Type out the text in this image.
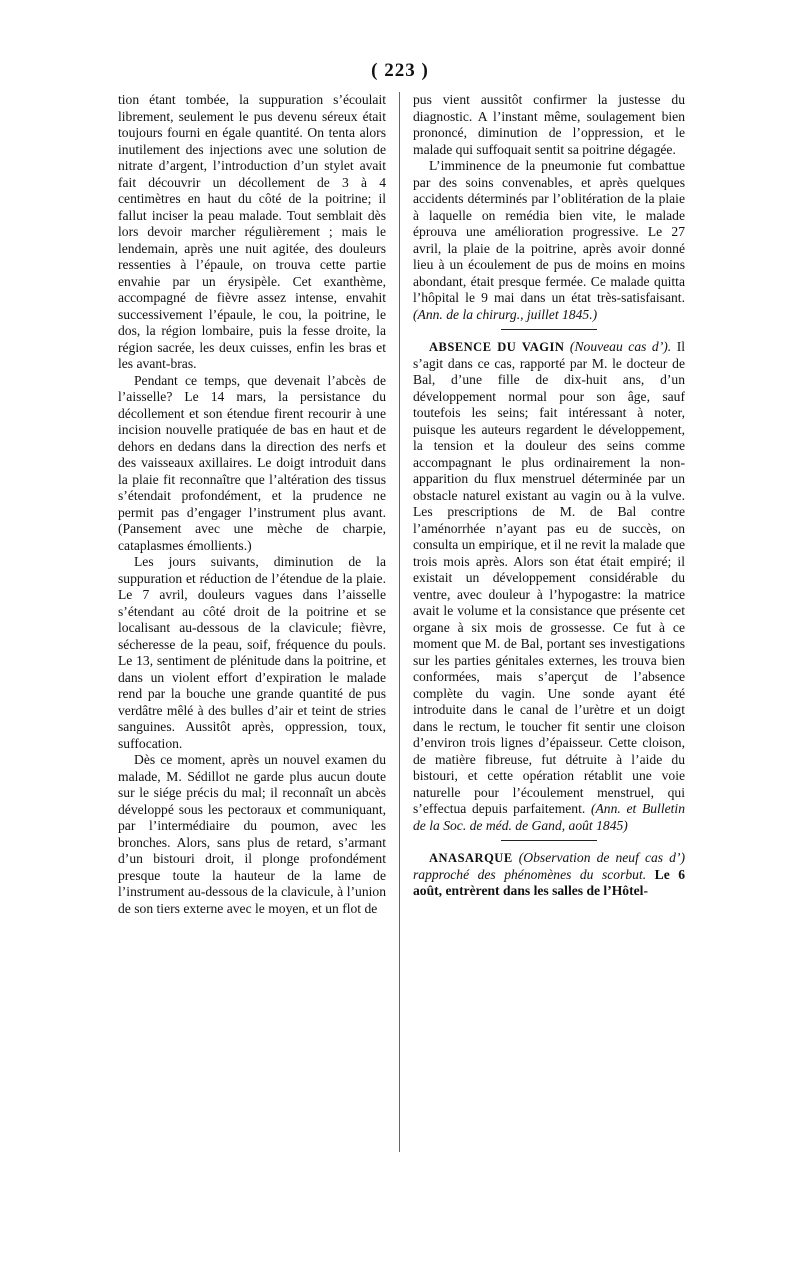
( 223 )

tion étant tombée, la suppuration s’écoulait librement, seulement le pus devenu séreux était toujours fourni en égale quantité. On tenta alors inutilement des injections avec une solution de nitrate d’argent, l’introduction d’un stylet avait fait découvrir un décollement de 3 à 4 centimètres en haut du côté de la poitrine; il fallut inciser la peau malade. Tout semblait dès lors devoir marcher régulièrement ; mais le lendemain, après une nuit agitée, des douleurs ressenties à l’épaule, on trouva cette partie envahie par un érysipèle. Cet exanthème, accompagné de fièvre assez intense, envahit successivement l’épaule, le cou, la poitrine, le dos, la région lombaire, puis la fesse droite, la région sacrée, les deux cuisses, enfin les bras et les avant-bras.

Pendant ce temps, que devenait l’abcès de l’aisselle? Le 14 mars, la persistance du décollement et son étendue firent recourir à une incision nouvelle pratiquée de bas en haut et de dehors en dedans dans la direction des nerfs et des vaisseaux axillaires. Le doigt introduit dans la plaie fit reconnaître que l’altération des tissus s’étendait profondément, et la prudence ne permit pas d’engager l’instrument plus avant. (Pansement avec une mèche de charpie, cataplasmes émollients.)

Les jours suivants, diminution de la suppuration et réduction de l’étendue de la plaie. Le 7 avril, douleurs vagues dans l’aisselle s’étendant au côté droit de la poitrine et se localisant au-dessous de la clavicule; fièvre, sécheresse de la peau, soif, fréquence du pouls. Le 13, sentiment de plénitude dans la poitrine, et dans un violent effort d’expiration le malade rend par la bouche une grande quantité de pus verdâtre mêlé à des bulles d’air et teint de stries sanguines. Aussitôt après, oppression, toux, suffocation.

Dès ce moment, après un nouvel examen du malade, M. Sédillot ne garde plus aucun doute sur le siége précis du mal; il reconnaît un abcès développé sous les pectoraux et communiquant, par l’intermédiaire du poumon, avec les bronches. Alors, sans plus de retard, s’armant d’un bistouri droit, il plonge profondément presque toute la hauteur de la lame de l’instrument au-dessous de la clavicule, à l’union de son tiers externe avec le moyen, et un flot de

pus vient aussitôt confirmer la justesse du diagnostic. A l’instant même, soulagement bien prononcé, diminution de l’oppression, et le malade qui suffoquait sentit sa poitrine dégagée.

L’imminence de la pneumonie fut combattue par des soins convenables, et après quelques accidents déterminés par l’oblitération de la plaie à laquelle on remédia bien vite, le malade éprouva une amélioration progressive. Le 27 avril, la plaie de la poitrine, après avoir donné lieu à un écoulement de pus de moins en moins abondant, était presque fermée. Ce malade quitta l’hôpital le 9 mai dans un état très-satisfaisant. (Ann. de la chirurg., juillet 1845.)

ABSENCE DU VAGIN (Nouveau cas d’). Il s’agit dans ce cas, rapporté par M. le docteur de Bal, d’une fille de dix-huit ans, d’un développement normal pour son âge, sauf toutefois les seins; fait intéressant à noter, puisque les auteurs regardent le développement, la tension et la douleur des seins comme accompagnant le plus ordinairement la non-apparition du flux menstruel déterminée par un obstacle naturel existant au vagin ou à la vulve. Les prescriptions de M. de Bal contre l’aménorrhée n’ayant pas eu de succès, on consulta un empirique, et il ne revit la malade que trois mois après. Alors son état était empiré; il existait un développement considérable du ventre, avec douleur à l’hypogastre: la matrice avait le volume et la consistance que présente cet organe à six mois de grossesse. Ce fut à ce moment que M. de Bal, portant ses investigations sur les parties génitales externes, les trouva bien conformées, mais s’aperçut de l’absence complète du vagin. Une sonde ayant été introduite dans le canal de l’urètre et un doigt dans le rectum, le toucher fit sentir une cloison d’environ trois lignes d’épaisseur. Cette cloison, de matière fibreuse, fut détruite à l’aide du bistouri, et cette opération rétablit une voie naturelle pour l’écoulement menstruel, qui s’effectua depuis parfaitement. (Ann. et Bulletin de la Soc. de méd. de Gand, août 1845)

ANASARQUE (Observation de neuf cas d’) rapproché des phénomènes du scorbut. Le 6 août, entrèrent dans les salles de l’Hôtel-
